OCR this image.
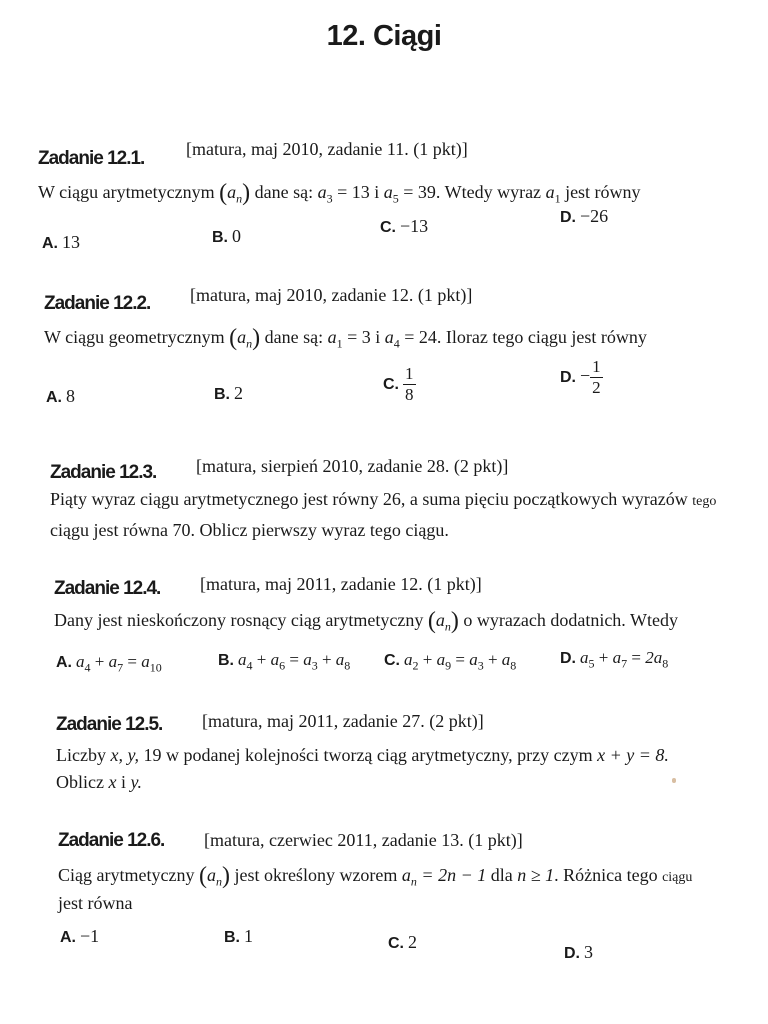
12. Ciągi
Zadanie 12.1. [matura, maj 2010, zadanie 11. (1 pkt)]
W ciągu arytmetycznym $(a_n)$ dane są: $a_3 = 13$ i $a_5 = 39$. Wtedy wyraz $a_1$ jest równy
A. 13	B. 0	C. −13	D. −26
Zadanie 12.2. [matura, maj 2010, zadanie 12. (1 pkt)]
W ciągu geometrycznym $(a_n)$ dane są: $a_1 = 3$ i $a_4 = 24$. Iloraz tego ciągu jest równy
A. 8	B. 2	C. $\frac{1}{8}$	D. − $\frac{1}{2}$
Zadanie 12.3. [matura, sierpień 2010, zadanie 28. (2 pkt)]
Piąty wyraz ciągu arytmetycznego jest równy 26, a suma pięciu początkowych wyrazów tego
ciągu jest równa 70. Oblicz pierwszy wyraz tego ciągu.
Zadanie 12.4. [matura, maj 2011, zadanie 12. (1 pkt)]
Dany jest nieskończony rosnący ciąg arytmetyczny $(a_n)$ o wyrazach dodatnich. Wtedy
A. $a_4 + a_7 = a_{10}$	B. $a_4 + a_6 = a_3 + a_8$ C. $a_2 + a_9 = a_3 + a_8$	D. $a_5 + a_7 = 2a_8$
Zadanie 12.5. [matura, maj 2011, zadanie 27. (2 pkt)]
Liczby x, y, 19 w podanej kolejności tworzą ciąg arytmetyczny, przy czym x + y = 8.
Oblicz x i y.
Zadanie 12.6. [matura, czerwiec 2011, zadanie 13. (1 pkt)]
Ciąg arytmetyczny $(a_n)$ jest określony wzorem $a_n = 2n - 1$ dla n ≥ 1. Różnica tego ciągu
jest równa
A. −1	B. 1	C. 2
D. 3
